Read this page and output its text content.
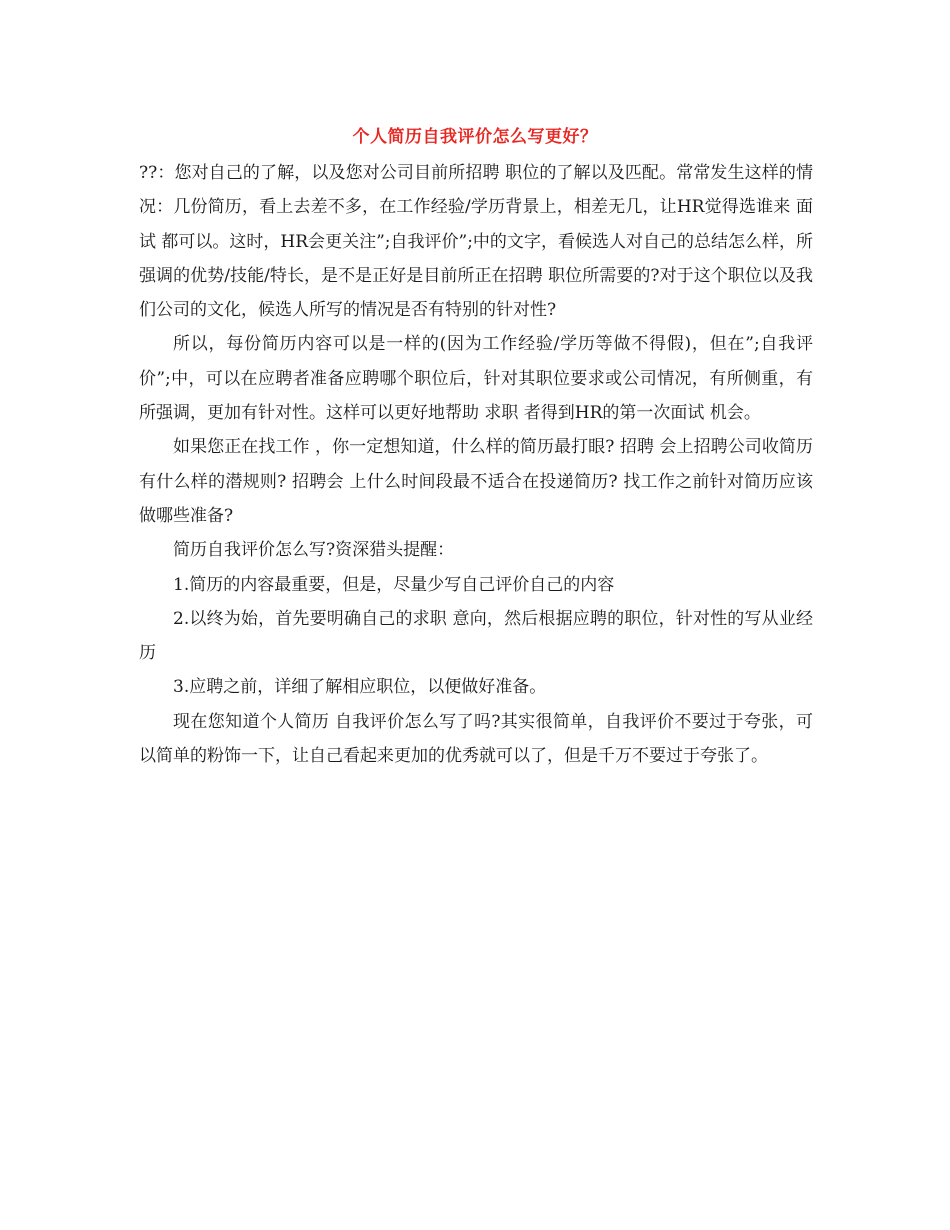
个人简历自我评价怎么写更好？

??：您对自己的了解，以及您对公司目前所招聘 职位的了解以及匹配。常常发生这样的情况：几份简历，看上去差不多，在工作经验/学历背景上，相差无几，让HR觉得选谁来 面试 都可以。这时，HR会更关注”;自我评价”;中的文字，看候选人对自己的总结怎么样，所强调的优势/技能/特长，是不是正好是目前所正在招聘 职位所需要的?对于这个职位以及我们公司的文化，候选人所写的情况是否有特别的针对性?

所以，每份简历内容可以是一样的(因为工作经验/学历等做不得假)，但在”;自我评价”;中，可以在应聘者准备应聘哪个职位后，针对其职位要求或公司情况，有所侧重，有所强调，更加有针对性。这样可以更好地帮助 求职 者得到HR的第一次面试 机会。

如果您正在找工作 ，你一定想知道，什么样的简历最打眼? 招聘 会上招聘公司收简历有什么样的潜规则? 招聘会 上什么时间段最不适合在投递简历? 找工作之前针对简历应该做哪些准备?

简历自我评价怎么写?资深猎头提醒：

1.简历的内容最重要，但是，尽量少写自己评价自己的内容

2.以终为始，首先要明确自己的求职 意向，然后根据应聘的职位，针对性的写从业经历

3.应聘之前，详细了解相应职位，以便做好准备。

现在您知道个人简历 自我评价怎么写了吗?其实很简单，自我评价不要过于夸张，可以简单的粉饰一下，让自己看起来更加的优秀就可以了，但是千万不要过于夸张了。
